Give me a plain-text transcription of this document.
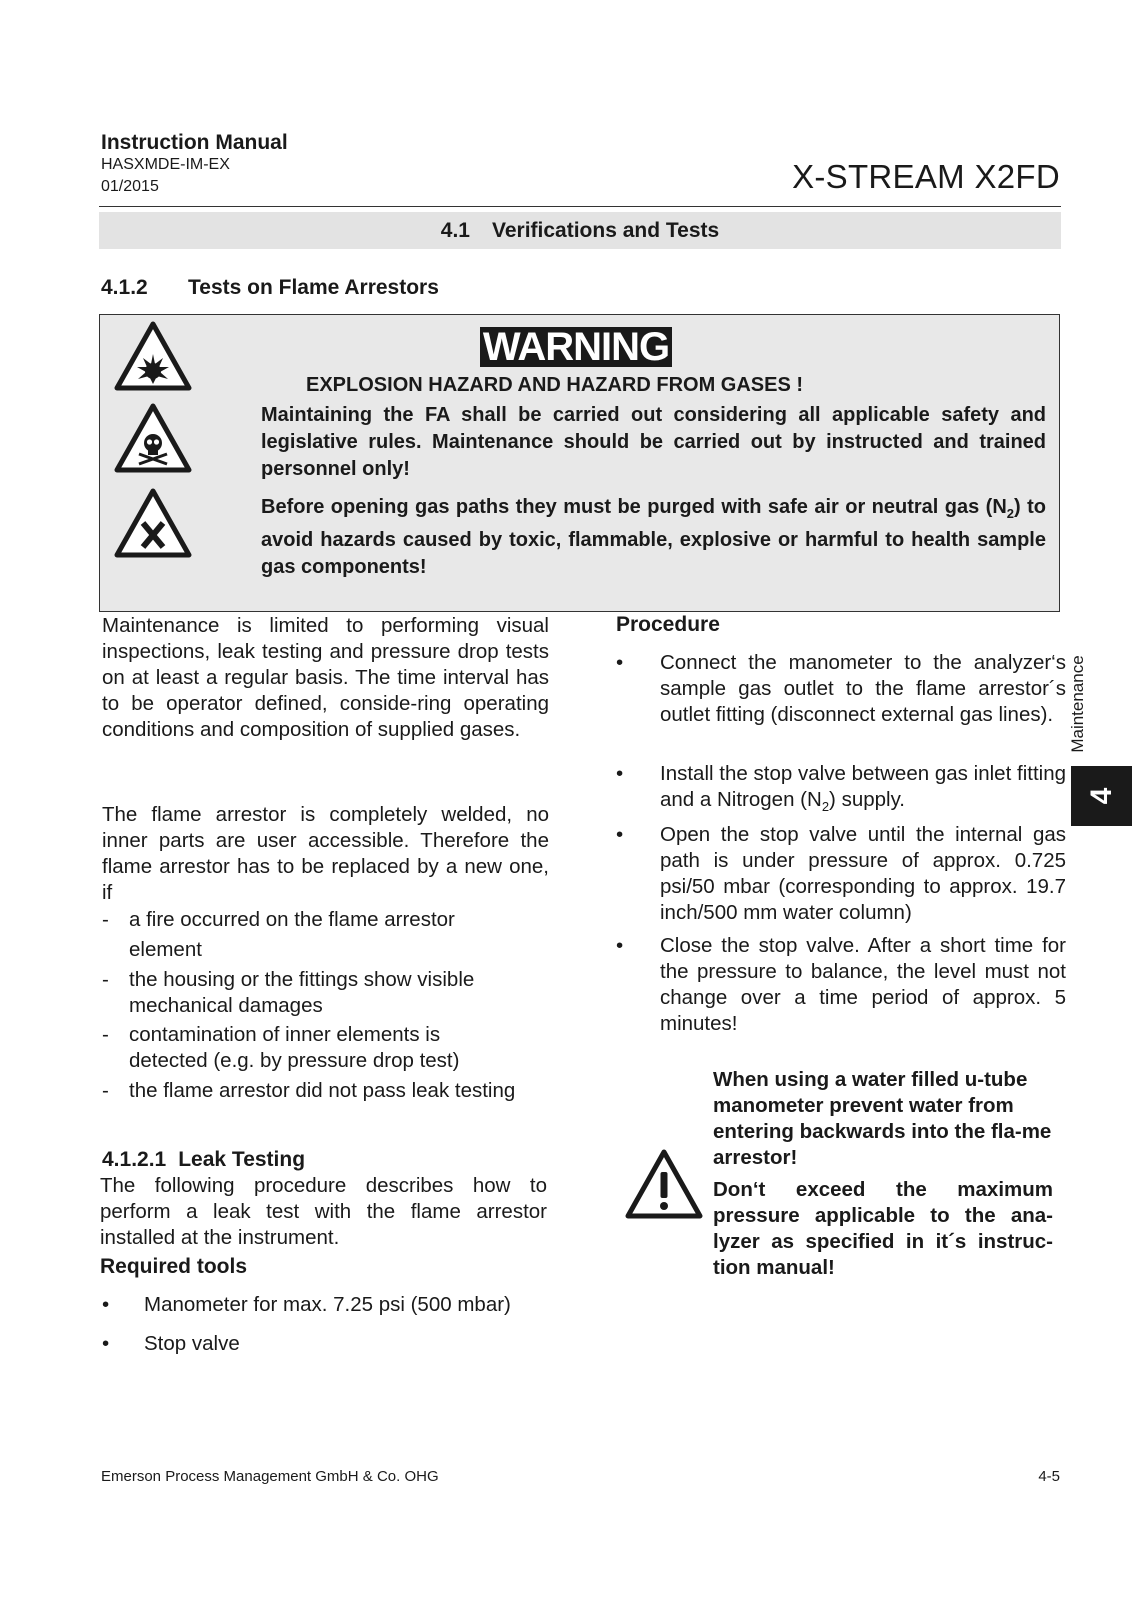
Instruction Manual
HASXMDE-IM-EX
01/2015	X-STREAM X2FD
4.1 Verifications and Tests
4.1.2 Tests on Flame Arrestors
WARNING
EXPLOSION HAZARD AND HAZARD FROM GASES !
Maintaining the FA shall be carried out considering all applicable safety and legislative rules. Maintenance should be carried out by instructed and trained personnel only!
Before opening gas paths they must be purged with safe air or neutral gas $(N_2)$ to avoid hazards caused by toxic, flammable, explosive or harmful to health sample gas components!
Maintenance is limited to performing visual inspections, leak testing and pressure drop tests on at least a regular basis. The time interval has to be operator defined, conside-ring operating conditions and composition of supplied gases.
The flame arrestor is completely welded, no inner parts are user accessible. Therefore the flame arrestor has to be replaced by a new one, if
- a fire occurred on the flame arrestor
element
- the housing or the fittings show visible
mechanical damages
- contamination of inner elements is
detected (e.g. by pressure drop test)
- the flame arrestor did not pass leak testing
4.1.2.1 Leak Testing
The following procedure describes how to perform a leak test with the flame arrestor installed at the instrument.
Required tools
• Manometer for max. 7.25 psi (500 mbar)
• Stop valve
Procedure
• Connect the manometer to the analyzer‘s sample gas outlet to the flame arrestor´s outlet fitting (disconnect external gas lines).
• Install the stop valve between gas inlet fitting and a Nitrogen $(N_2)$ supply.
• Open the stop valve until the internal gas path is under pressure of approx. 0.725 psi/50 mbar (corresponding to approx. 19.7 inch/500 mm water column)
• Close the stop valve. After a short time for the pressure to balance, the level must not change over a time period of approx. 5 minutes!
When using a water filled u-tube manometer prevent water from entering backwards into the fla-me arrestor!
Don‘t exceed the maximum pressure applicable to the ana-lyzer as specified in it´s instruc-tion manual!
Maintenance
4
Emerson Process Management GmbH & Co. OHG	4-5
